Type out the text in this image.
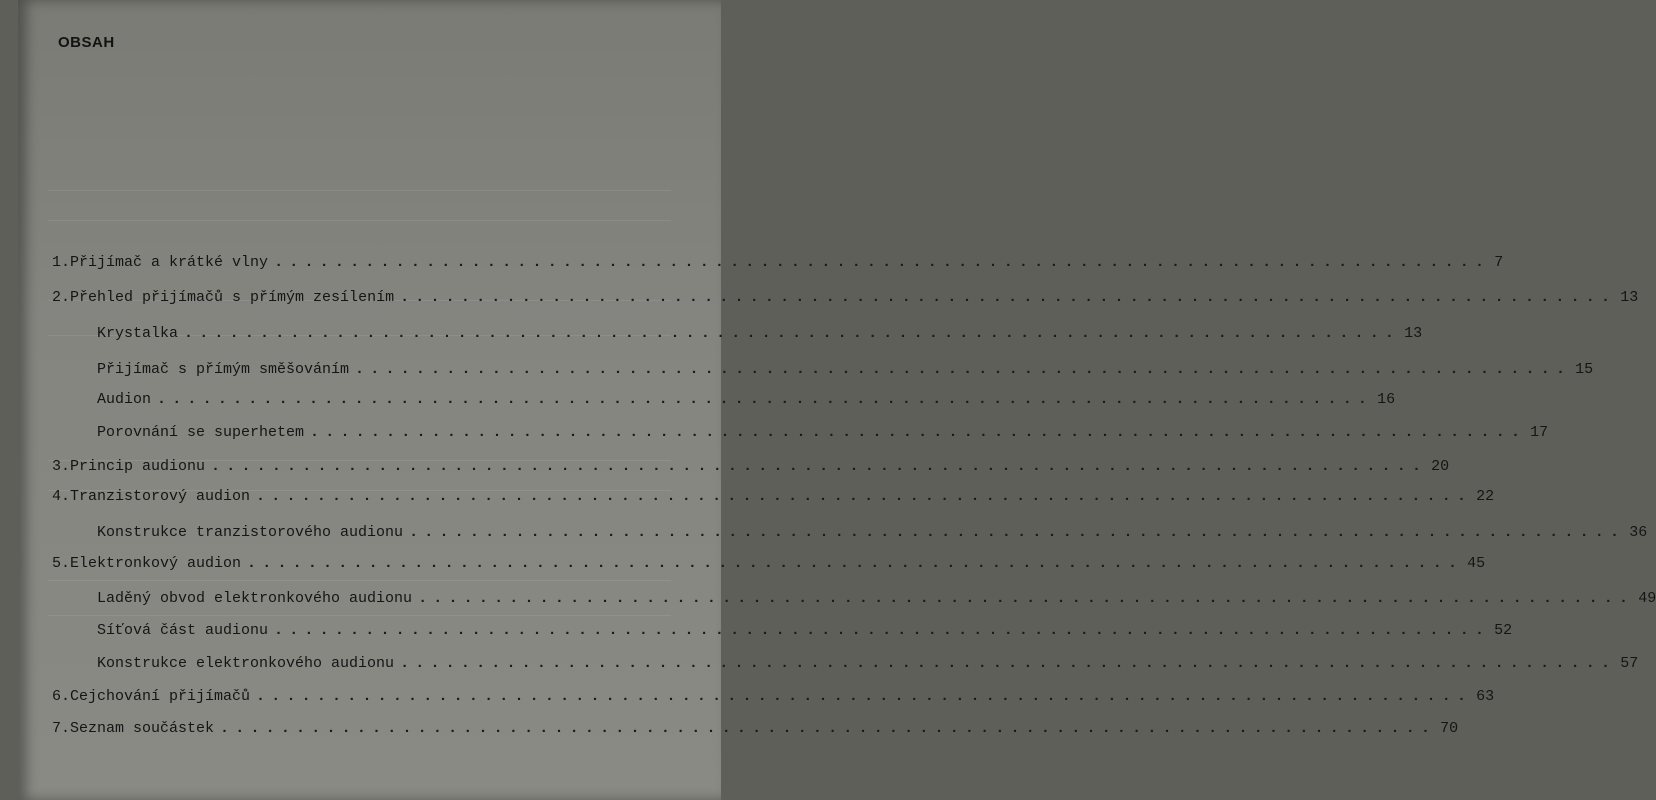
OBSAH
1. Přijímač a krátké vlny ................................................................................ 7
2. Přehled přijímačů s přímým zesílením ................................................................................ 13
Krystalka ................................................................................ 13
Přijímač s přímým směšováním ................................................................................ 15
Audion ................................................................................ 16
Porovnání se superhetem ................................................................................ 17
3. Princip audionu ................................................................................ 20
4. Tranzistorový audion ................................................................................ 22
Konstrukce tranzistorového audionu ................................................................................ 36
5. Elektronkový audion ................................................................................ 45
Laděný obvod elektronkového audionu ................................................................................ 49
Síťová část audionu ................................................................................ 52
Konstrukce elektronkového audionu ................................................................................ 57
6. Cejchování přijímačů ................................................................................ 63
7. Seznam součástek ................................................................................ 70
